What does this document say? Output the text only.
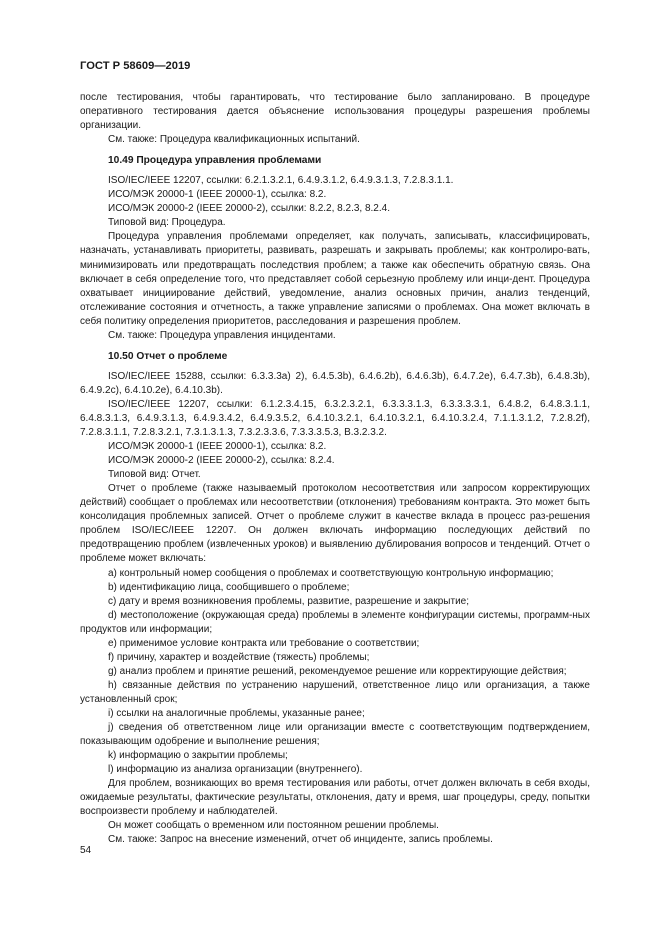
ГОСТ Р 58609—2019

после тестирования, чтобы гарантировать, что тестирование было запланировано. В процедуре оперативного тестирования дается объяснение использования процедуры разрешения проблемы организации.

См. также: Процедура квалификационных испытаний.

10.49 Процедура управления проблемами

ISO/IEC/IEEE 12207, ссылки: 6.2.1.3.2.1, 6.4.9.3.1.2, 6.4.9.3.1.3, 7.2.8.3.1.1.

ИСО/МЭК 20000-1 (IEEE 20000-1), ссылка: 8.2.

ИСО/МЭК 20000-2 (IEEE 20000-2), ссылки: 8.2.2, 8.2.3, 8.2.4.

Типовой вид: Процедура.

Процедура управления проблемами определяет, как получать, записывать, классифицировать, назначать, устанавливать приоритеты, развивать, разрешать и закрывать проблемы; как контролиро-вать, минимизировать или предотвращать последствия проблем; а также как обеспечить обратную связь. Она включает в себя определение того, что представляет собой серьезную проблему или инци-дент. Процедура охватывает инициирование действий, уведомление, анализ основных причин, анализ тенденций, отслеживание состояния и отчетность, а также управление записями о проблемах. Она может включать в себя политику определения приоритетов, расследования и разрешения проблем.

См. также: Процедура управления инцидентами.

10.50 Отчет о проблеме

ISO/IEC/IEEE 15288, ссылки: 6.3.3.3a) 2), 6.4.5.3b), 6.4.6.2b), 6.4.6.3b), 6.4.7.2e), 6.4.7.3b), 6.4.8.3b), 6.4.9.2c), 6.4.10.2e), 6.4.10.3b).

ISO/IEC/IEEE 12207, ссылки: 6.1.2.3.4.15, 6.3.2.3.2.1, 6.3.3.3.1.3, 6.3.3.3.3.1, 6.4.8.2, 6.4.8.3.1.1, 6.4.8.3.1.3, 6.4.9.3.1.3, 6.4.9.3.4.2, 6.4.9.3.5.2, 6.4.10.3.2.1, 6.4.10.3.2.1, 6.4.10.3.2.4, 7.1.1.3.1.2, 7.2.8.2f), 7.2.8.3.1.1, 7.2.8.3.2.1, 7.3.1.3.1.3, 7.3.2.3.3.6, 7.3.3.3.5.3, В.3.2.3.2.

ИСО/МЭК 20000-1 (IEEE 20000-1), ссылка: 8.2.

ИСО/МЭК 20000-2 (IEEE 20000-2), ссылка: 8.2.4.

Типовой вид: Отчет.

Отчет о проблеме (также называемый протоколом несоответствия или запросом корректирующих действий) сообщает о проблемах или несоответствии (отклонения) требованиям контракта. Это может быть консолидация проблемных записей. Отчет о проблеме служит в качестве вклада в процесс раз-решения проблем ISO/IEC/IEEE 12207. Он должен включать информацию последующих действий по предотвращению проблем (извлеченных уроков) и выявлению дублирования вопросов и тенденций. Отчет о проблеме может включать:

а) контрольный номер сообщения о проблемах и соответствующую контрольную информацию;

b) идентификацию лица, сообщившего о проблеме;

c) дату и время возникновения проблемы, развитие, разрешение и закрытие;

d) местоположение (окружающая среда) проблемы в элементе конфигурации системы, программ-ных продуктов или информации;

e) применимое условие контракта или требование о соответствии;

f) причину, характер и воздействие (тяжесть) проблемы;

g) анализ проблем и принятие решений, рекомендуемое решение или корректирующие действия;

h) связанные действия по устранению нарушений, ответственное лицо или организация, а также установленный срок;

i) ссылки на аналогичные проблемы, указанные ранее;

j) сведения об ответственном лице или организации вместе с соответствующим подтверждением, показывающим одобрение и выполнение решения;

k) информацию о закрытии проблемы;

l) информацию из анализа организации (внутреннего).

Для проблем, возникающих во время тестирования или работы, отчет должен включать в себя входы, ожидаемые результаты, фактические результаты, отклонения, дату и время, шаг процедуры, среду, попытки воспроизвести проблему и наблюдателей.

Он может сообщать о временном или постоянном решении проблемы.

См. также: Запрос на внесение изменений, отчет об инциденте, запись проблемы.

54
